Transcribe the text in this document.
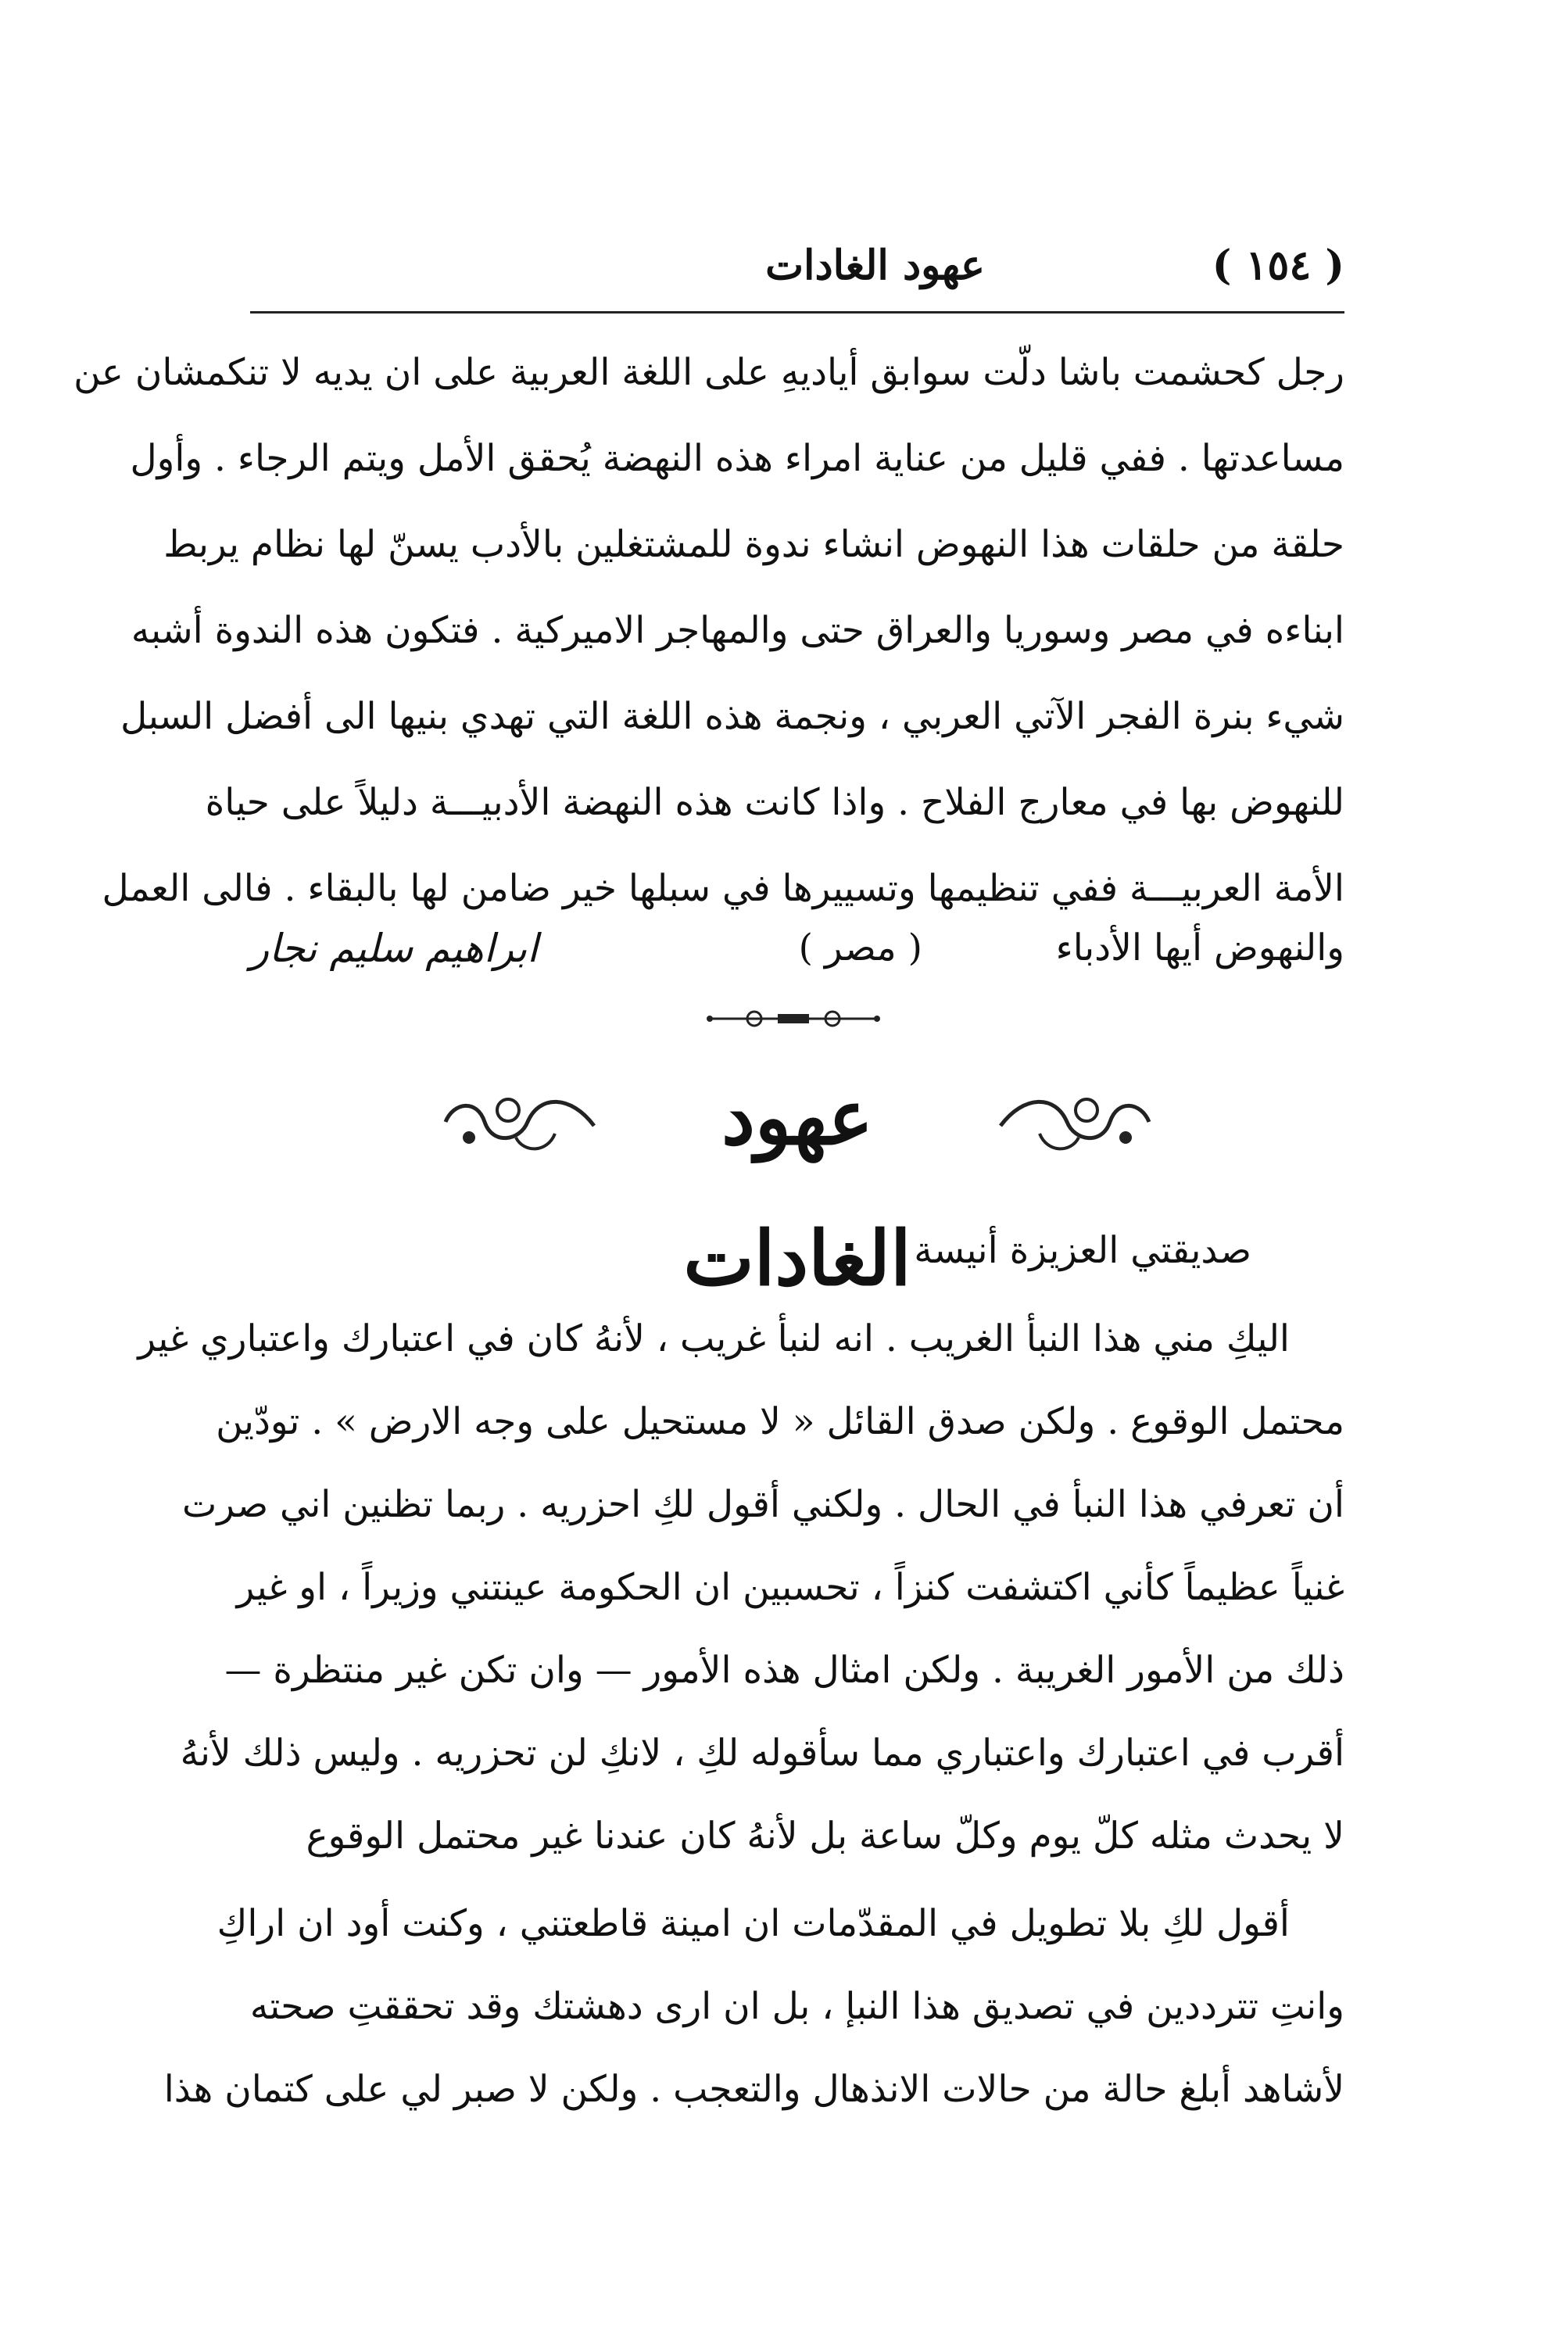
( ١٥٤ )
عهود الغادات
رجل كحشمت باشا دلّت سوابق أياديهِ على اللغة العربية على ان يديه لا تنكمشان عن
مساعدتها . ففي قليل من عناية امراء هذه النهضة يُحقق الأمل ويتم الرجاء . وأول
حلقة من حلقات هذا النهوض انشاء ندوة للمشتغلين بالأدب يسنّ لها نظام يربط
ابناءه في مصر وسوريا والعراق حتى والمهاجر الاميركية . فتكون هذه الندوة أشبه
شيء بنرة الفجر الآتي العربي ، ونجمة هذه اللغة التي تهدي بنيها الى أفضل السبل
للنهوض بها في معارج الفلاح . واذا كانت هذه النهضة الأدبيـــة دليلاً على حياة
الأمة العربيـــة ففي تنظيمها وتسييرها في سبلها خير ضامن لها بالبقاء . فالى العمل
والنهوض أيها الأدباء
( مصر )
ابراهيم سليم نجار
عهود الغادات صديقتي العزيزة أنيسة
اليكِ مني هذا النبأ الغريب . انه لنبأ غريب ، لأنهُ كان في اعتبارك واعتباري غير
محتمل الوقوع . ولكن صدق القائل « لا مستحيل على وجه الارض » . تودّين
أن تعرفي هذا النبأ في الحال . ولكني أقول لكِ احزريه . ربما تظنين اني صرت
غنياً عظيماً كأني اكتشفت كنزاً ، تحسبين ان الحكومة عينتني وزيراً ، او غير
ذلك من الأمور الغريبة . ولكن امثال هذه الأمور — وان تكن غير منتظرة —
أقرب في اعتبارك واعتباري مما سأقوله لكِ ، لانكِ لن تحزريه . وليس ذلك لأنهُ
لا يحدث مثله كلّ يوم وكلّ ساعة بل لأنهُ كان عندنا غير محتمل الوقوع
أقول لكِ بلا تطويل في المقدّمات ان امينة قاطعتني ، وكنت أود ان اراكِ
وانتِ تترددين في تصديق هذا النبإ ، بل ان ارى دهشتك وقد تحققتِ صحته
لأشاهد أبلغ حالة من حالات الانذهال والتعجب . ولكن لا صبر لي على كتمان هذا
